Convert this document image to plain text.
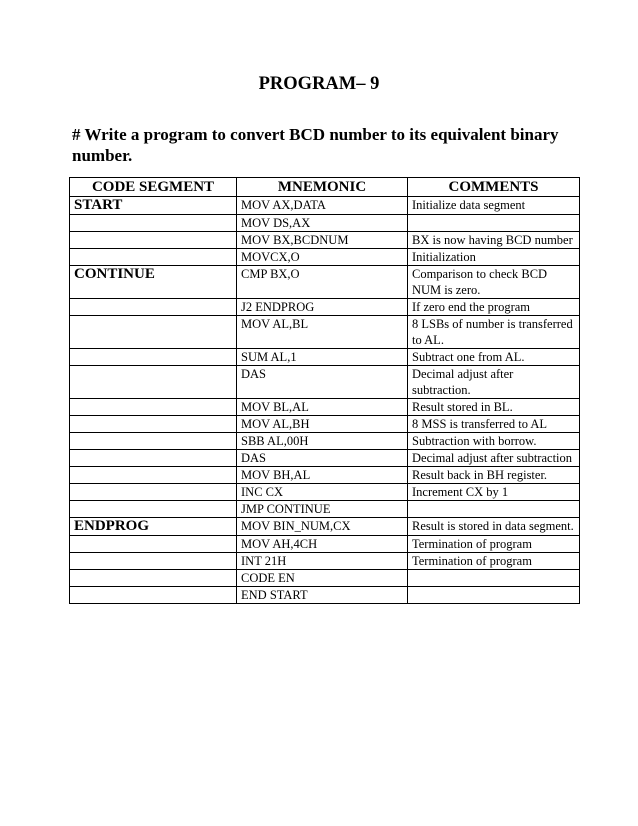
PROGRAM– 9
# Write a program to convert BCD number to its equivalent binary number.
CODE SEGMENT	MNEMONIC	COMMENTS
START	MOV AX,DATA	Initialize data segment
	MOV DS,AX	
	MOV BX,BCDNUM	BX is now having BCD number
	MOVCX,O	Initialization
CONTINUE	CMP BX,O	Comparison to check BCD NUM is zero.
	J2 ENDPROG	If zero end the program
	MOV AL,BL	8 LSBs of number is transferred to AL.
	SUM AL,1	Subtract one from AL.
	DAS	Decimal adjust after subtraction.
	MOV BL,AL	Result stored in BL.
	MOV AL,BH	8 MSS is transferred to AL
	SBB AL,00H	Subtraction with borrow.
	DAS	Decimal adjust after subtraction
	MOV BH,AL	Result back in BH register.
	INC CX	Increment CX by 1
	JMP CONTINUE	
ENDPROG	MOV BIN_NUM,CX	Result is stored in data segment.
	MOV AH,4CH	Termination of program
	INT 21H	Termination of program
	CODE EN	
	END START	
